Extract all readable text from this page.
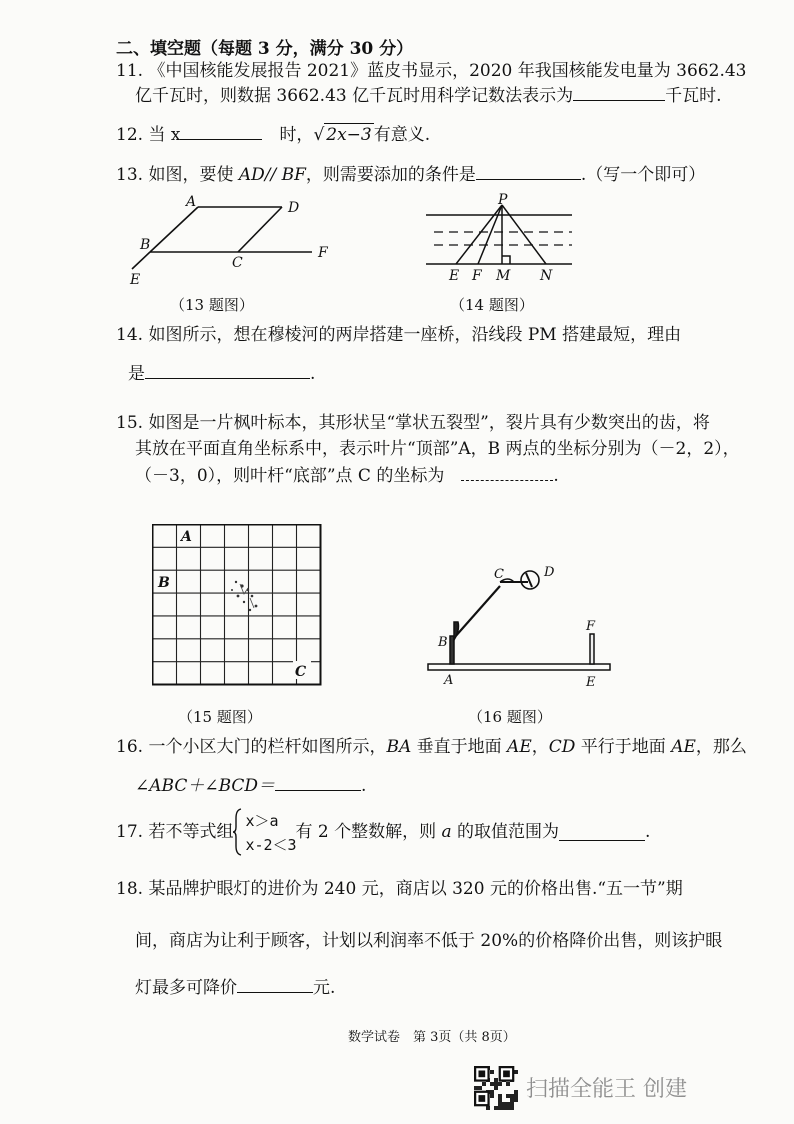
二、填空题（每题 3 分，满分 30 分）
11. 《中国核能发展报告 2021》蓝皮书显示，2020 年我国核能发电量为 3662.43
亿千瓦时，则数据 3662.43 亿千瓦时用科学记数法表示为	千瓦时.
12. 当 x　	时，√ 2x−3 有意义.
13. 如图，要使 AD// BF，则需要添加的条件是	.（写一个即可）
A	D
B
C
F
E
（13 题图）
P
E F M N
（14 题图）
14. 如图所示，想在穆棱河的两岸搭建一座桥，沿线段 PM 搭建最短，理由
是	.
15. 如图是一片枫叶标本，其形状呈“掌状五裂型”，裂片具有少数突出的齿，将
其放在平面直角坐标系中，表示叶片“顶部”A，B 两点的坐标分别为（－2，2），
（－3，0），则叶杆“底部”点 C 的坐标为　	.
A
B
C
（15 题图）
B
C	D
F
A	E
（16 题图）
16. 一个小区大门的栏杆如图所示，BA 垂直于地面 AE，CD 平行于地面 AE，那么
∠ABC＋∠BCD＝	.
17. 若不等式组
x＞a
x-2＜3
有 2 个整数解，则 a 的取值范围为	.
18. 某品牌护眼灯的进价为 240 元，商店以 320 元的价格出售.“五一节”期
间，商店为让利于顾客，计划以利润率不低于 20%的价格降价出售，则该护眼
灯最多可降价	元.
数学试卷　第 3页（共 8页）
扫描全能王 创建
